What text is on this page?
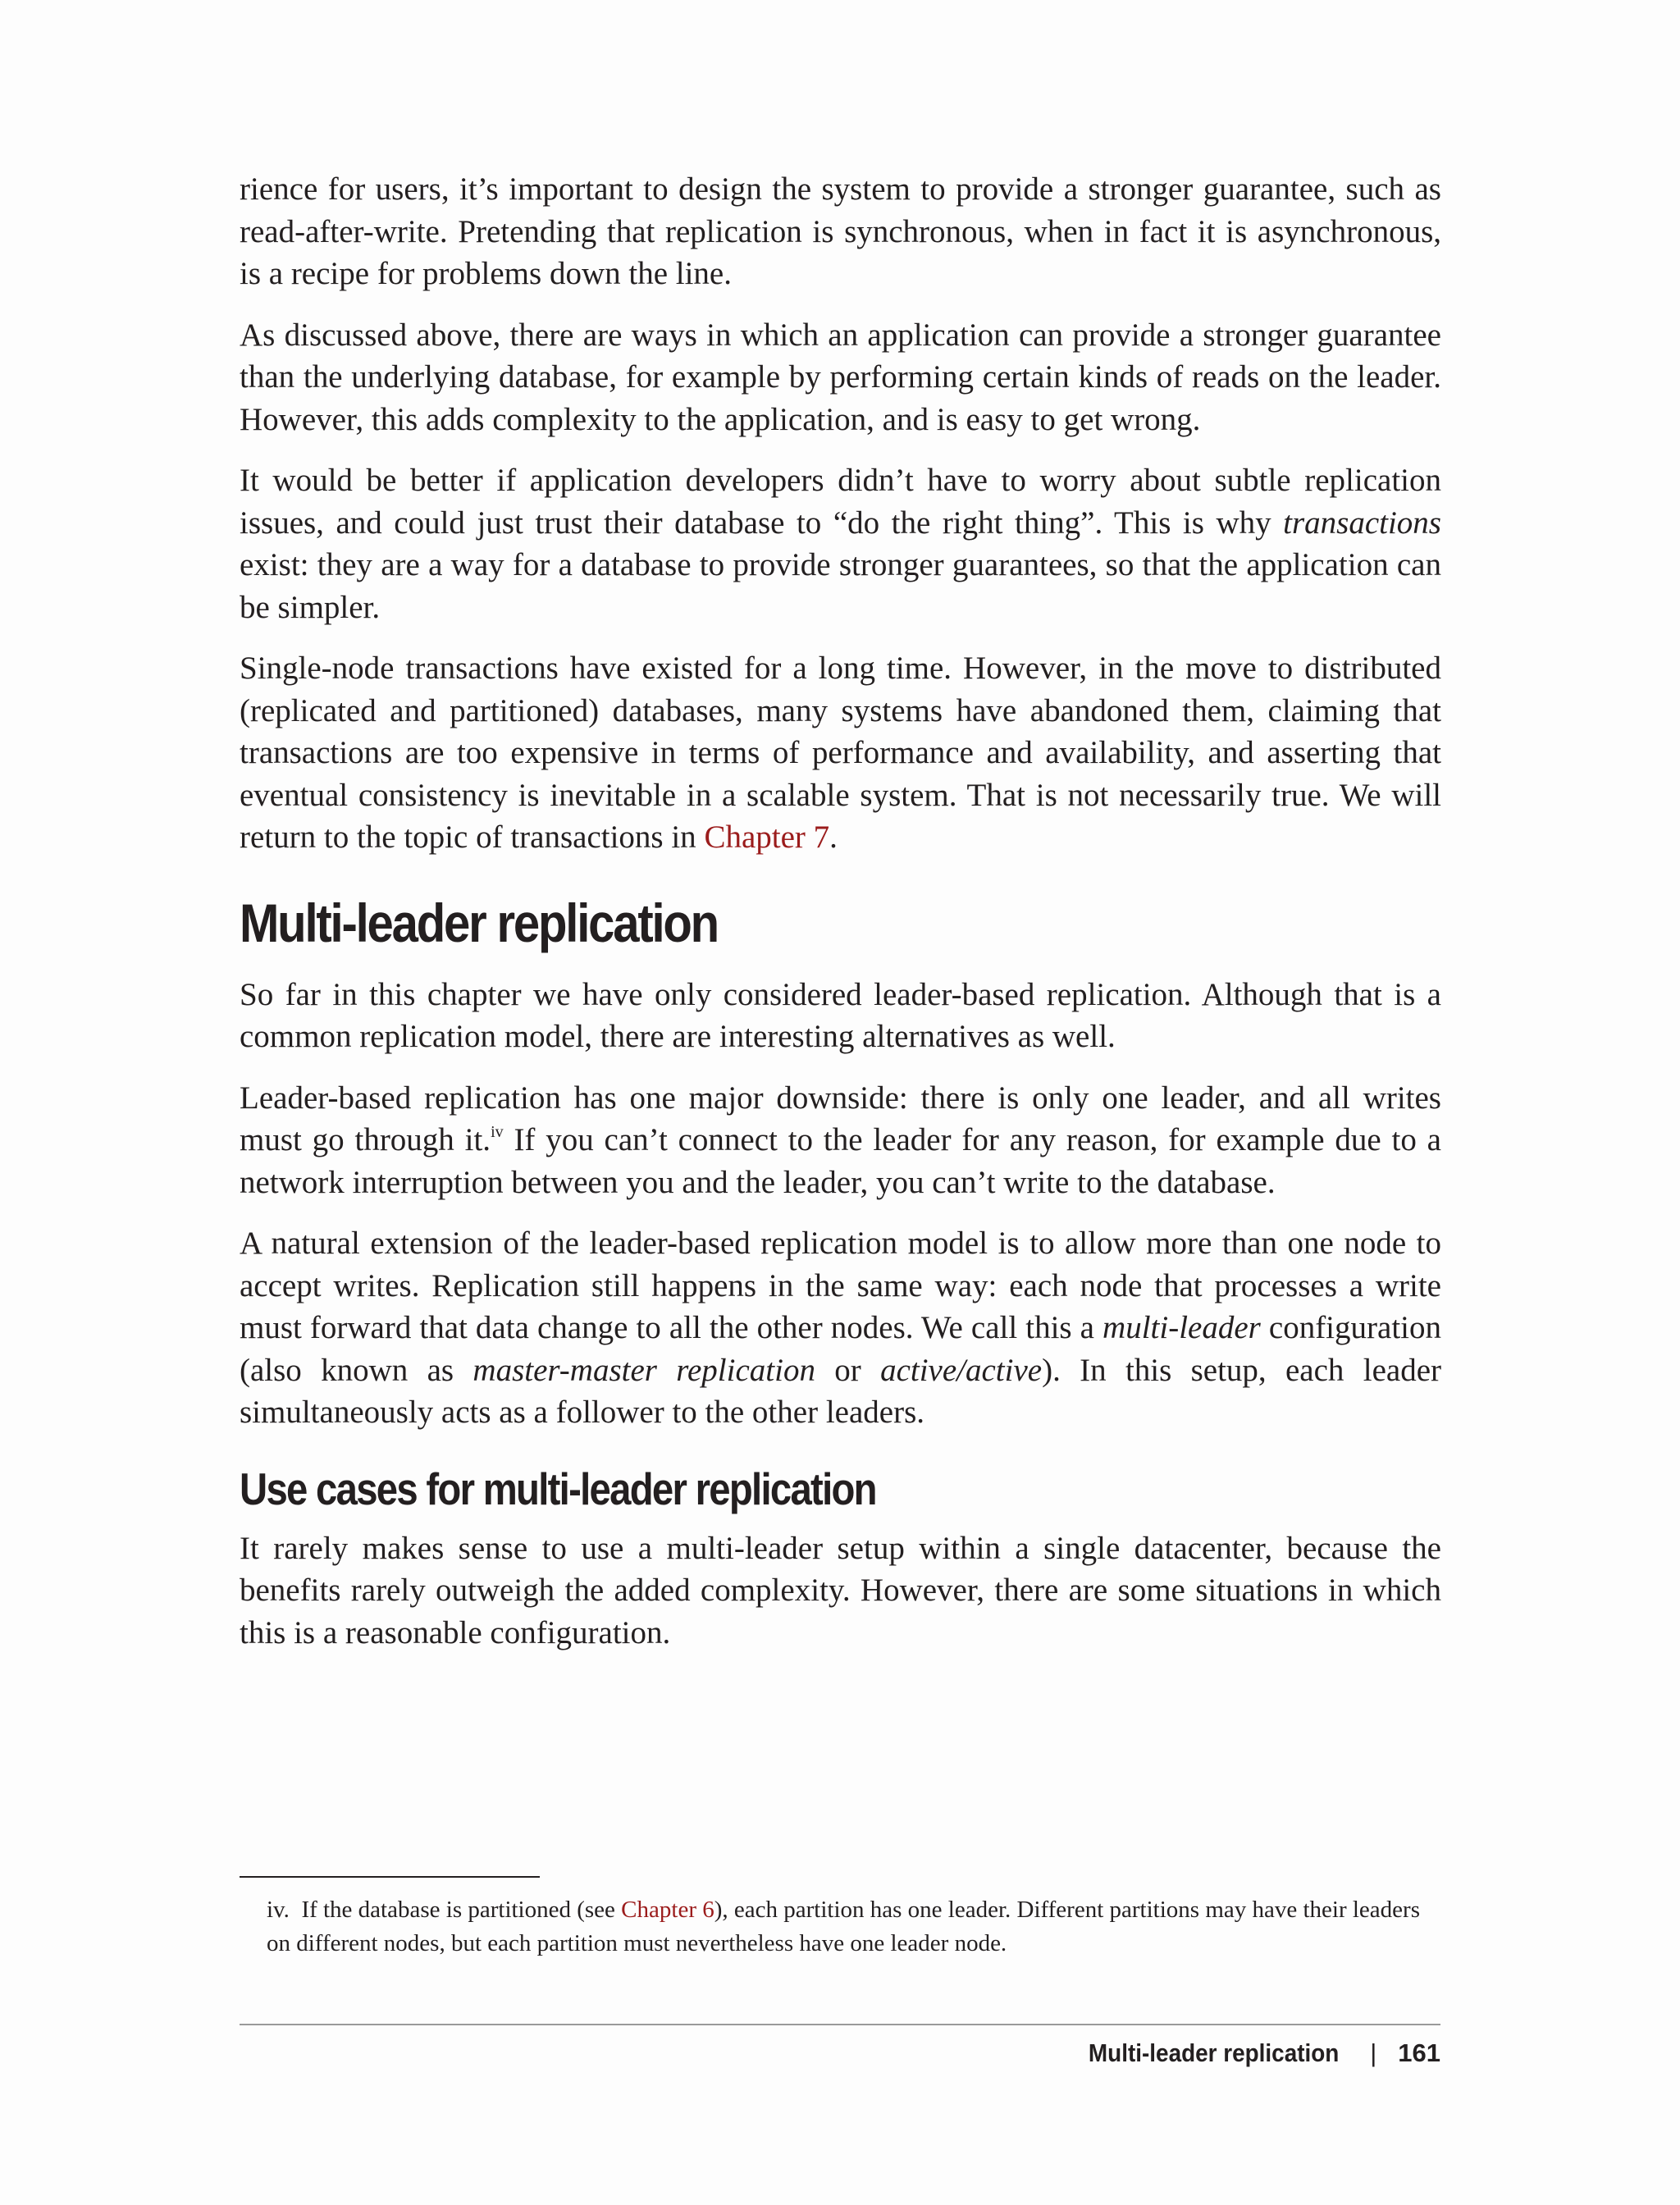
rience for users, it’s important to design the system to provide a stronger guarantee, such as read-after-write. Pretending that replication is synchronous, when in fact it is asynchronous, is a recipe for problems down the line.

As discussed above, there are ways in which an application can provide a stronger guarantee than the underlying database, for example by performing certain kinds of reads on the leader. However, this adds complexity to the application, and is easy to get wrong.

It would be better if application developers didn’t have to worry about subtle replication issues, and could just trust their database to “do the right thing”. This is why transactions exist: they are a way for a database to provide stronger guarantees, so that the application can be simpler.

Single-node transactions have existed for a long time. However, in the move to distributed (replicated and partitioned) databases, many systems have abandoned them, claiming that transactions are too expensive in terms of performance and availability, and asserting that eventual consistency is inevitable in a scalable system. That is not necessarily true. We will return to the topic of transactions in Chapter 7.

Multi-leader replication

So far in this chapter we have only considered leader-based replication. Although that is a common replication model, there are interesting alternatives as well.

Leader-based replication has one major downside: there is only one leader, and all writes must go through it.$^{iv}$ If you can’t connect to the leader for any reason, for example due to a network interruption between you and the leader, you can’t write to the database.

A natural extension of the leader-based replication model is to allow more than one node to accept writes. Replication still happens in the same way: each node that processes a write must forward that data change to all the other nodes. We call this a multi-leader configuration (also known as master-master replication or active/active). In this setup, each leader simultaneously acts as a follower to the other leaders.

Use cases for multi-leader replication

It rarely makes sense to use a multi-leader setup within a single datacenter, because the benefits rarely outweigh the added complexity. However, there are some situations in which this is a reasonable configuration.

iv. If the database is partitioned (see Chapter 6), each partition has one leader. Different partitions may have their leaders on different nodes, but each partition must nevertheless have one leader node.

Multi-leader replication | 161
